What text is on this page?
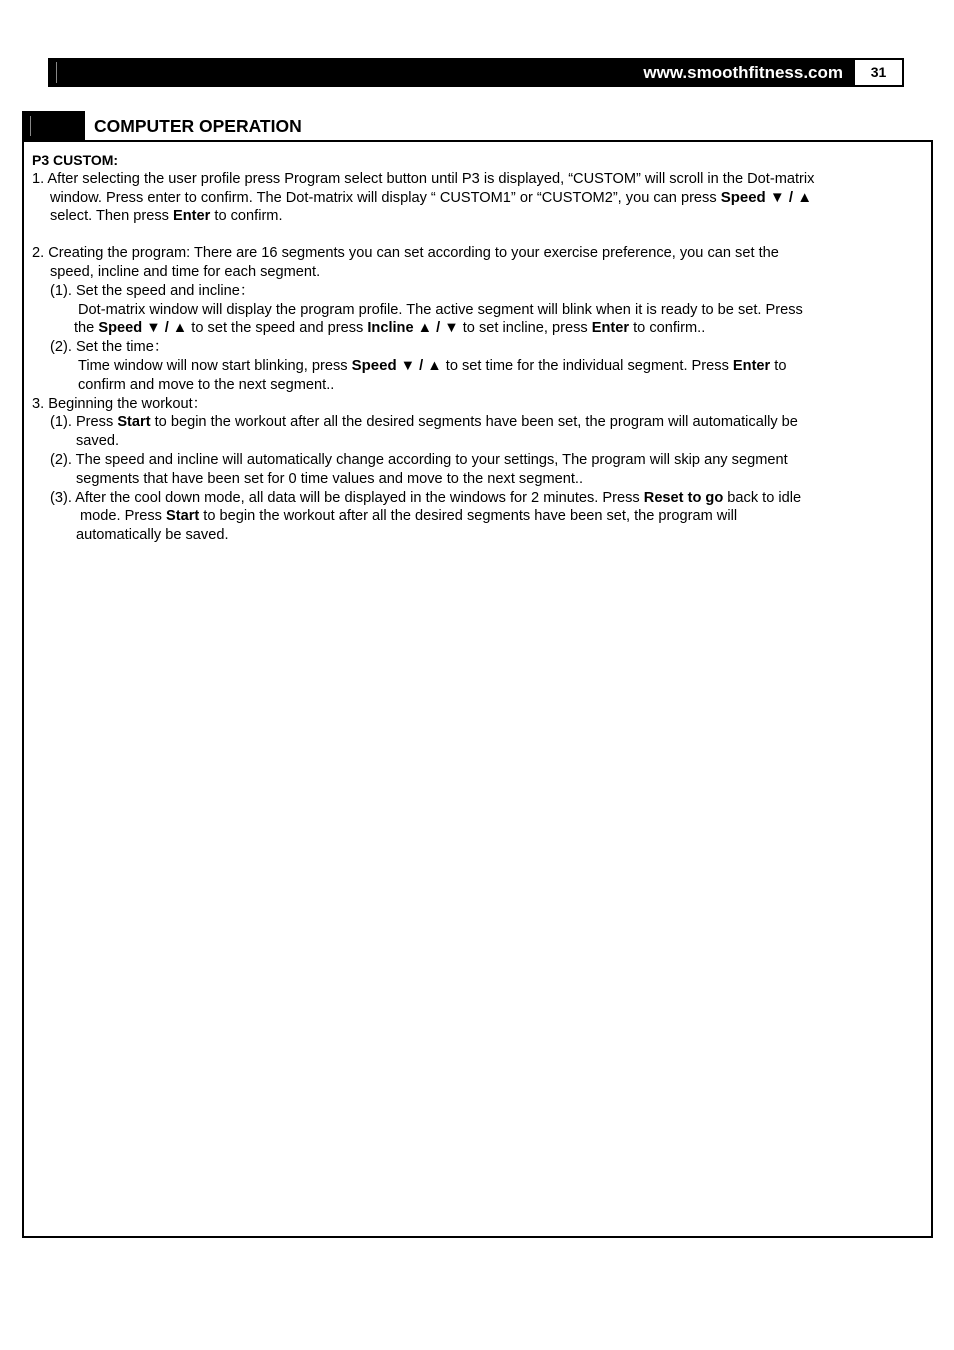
www.smoothfitness.com	31
COMPUTER OPERATION
P3 CUSTOM:
1. After selecting the user profile press Program select button until P3 is displayed, “CUSTOM” will scroll in the Dot-matrix
window. Press enter to confirm. The Dot-matrix will display “ CUSTOM1” or “CUSTOM2”, you can press Speed ▼ / ▲
select. Then press Enter to confirm.
2. Creating the program: There are 16 segments you can set according to your exercise preference, you can set the
speed, incline and time for each segment.
(1). Set the speed and incline：
Dot-matrix window will display the program profile. The active segment will blink when it is ready to be set. Press
the Speed ▼ / ▲ to set the speed and press Incline ▲ / ▼ to set incline, press Enter to confirm..
(2). Set the time：
Time window will now start blinking, press Speed ▼ / ▲ to set time for the individual segment. Press Enter to
confirm and move to the next segment..
3. Beginning the workout：
(1). Press Start to begin the workout after all the desired segments have been set, the program will automatically be
saved.
(2). The speed and incline will automatically change according to your settings, The program will skip any segment
segments that have been set for 0 time values and move to the next segment..
(3). After the cool down mode, all data will be displayed in the windows for 2 minutes. Press Reset to go back to idle
mode. Press Start to begin the workout after all the desired segments have been set, the program will
automatically be saved.
